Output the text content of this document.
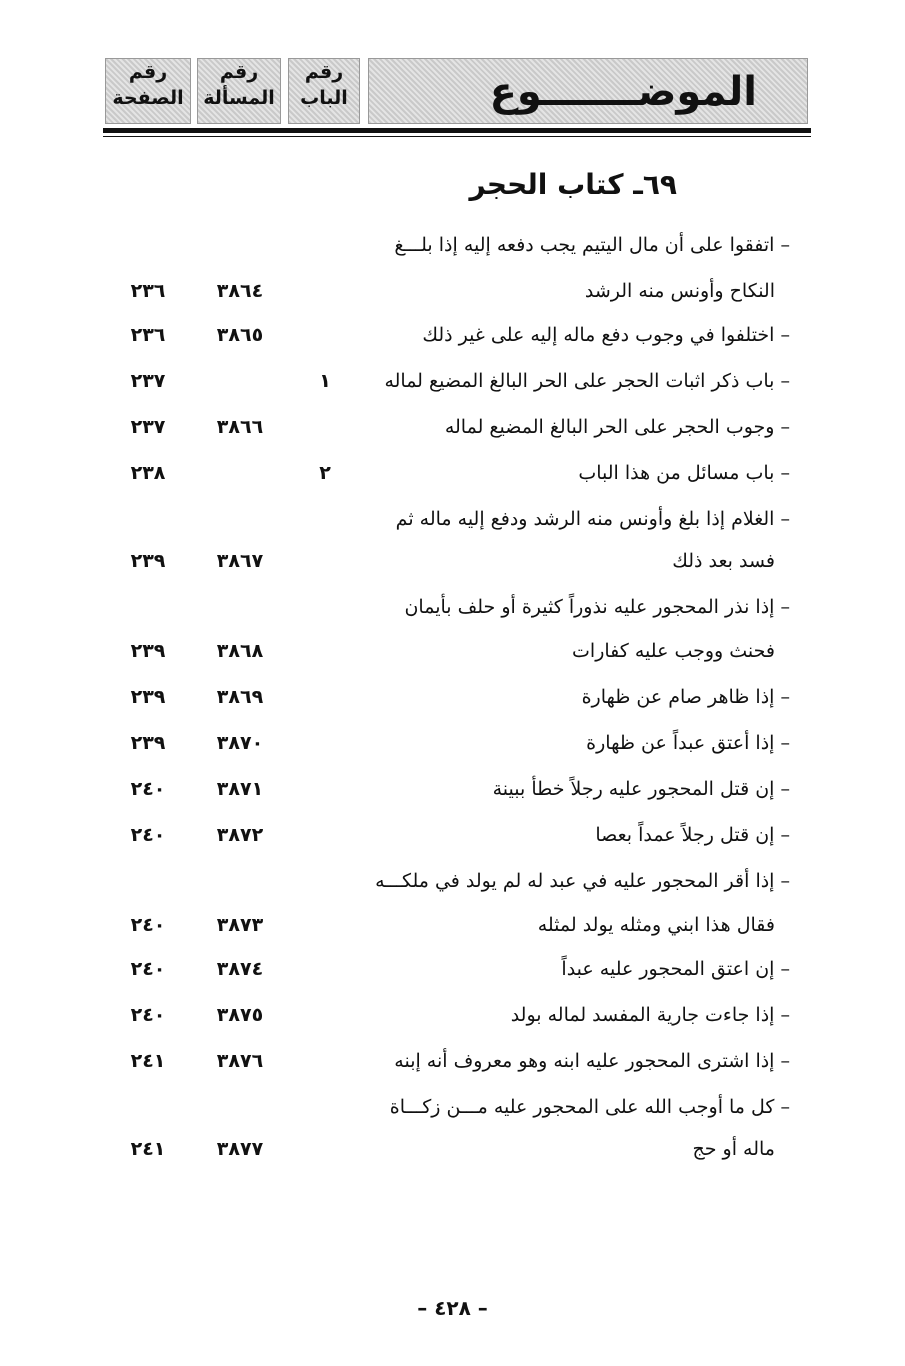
الموضـــــــوع
رقم
الباب
رقم
المسألة
رقم
الصفحة
٦٩ـ كتاب الحجر
– اتفقوا على أن مال اليتيم يجب دفعه إليه إذا بلـــغ
النكاح وأونس منه الرشد
٣٨٦٤
٢٣٦
– اختلفوا في وجوب دفع ماله إليه على غير ذلك
٣٨٦٥
٢٣٦
– باب ذكر اثبات الحجر على الحر البالغ المضيع لماله
١
٢٣٧
– وجوب الحجر على الحر البالغ المضيع لماله
٣٨٦٦
٢٣٧
– باب مسائل من هذا الباب
٢
٢٣٨
– الغلام إذا بلغ وأونس منه الرشد ودفع إليه ماله ثم
فسد بعد ذلك
٣٨٦٧
٢٣٩
– إذا نذر المحجور عليه نذوراً كثيرة أو حلف بأيمان
فحنث ووجب عليه كفارات
٣٨٦٨
٢٣٩
– إذا ظاهر صام عن ظهارة
٣٨٦٩
٢٣٩
– إذا أعتق عبداً عن ظهارة
٣٨٧٠
٢٣٩
– إن قتل المحجور عليه رجلاً خطأ ببينة
٣٨٧١
٢٤٠
– إن قتل رجلاً عمداً بعصا
٣٨٧٢
٢٤٠
– إذا أقر المحجور عليه في عبد له لم يولد في ملكـــه
فقال هذا ابني ومثله يولد لمثله
٣٨٧٣
٢٤٠
– إن اعتق المحجور عليه عبداً
٣٨٧٤
٢٤٠
– إذا جاءت جارية المفسد لماله بولد
٣٨٧٥
٢٤٠
– إذا اشترى المحجور عليه ابنه وهو معروف أنه إبنه
٣٨٧٦
٢٤١
– كل ما أوجب الله على المحجور عليه مـــن زكـــاة
ماله أو حج
٣٨٧٧
٢٤١
– ٤٢٨ –
